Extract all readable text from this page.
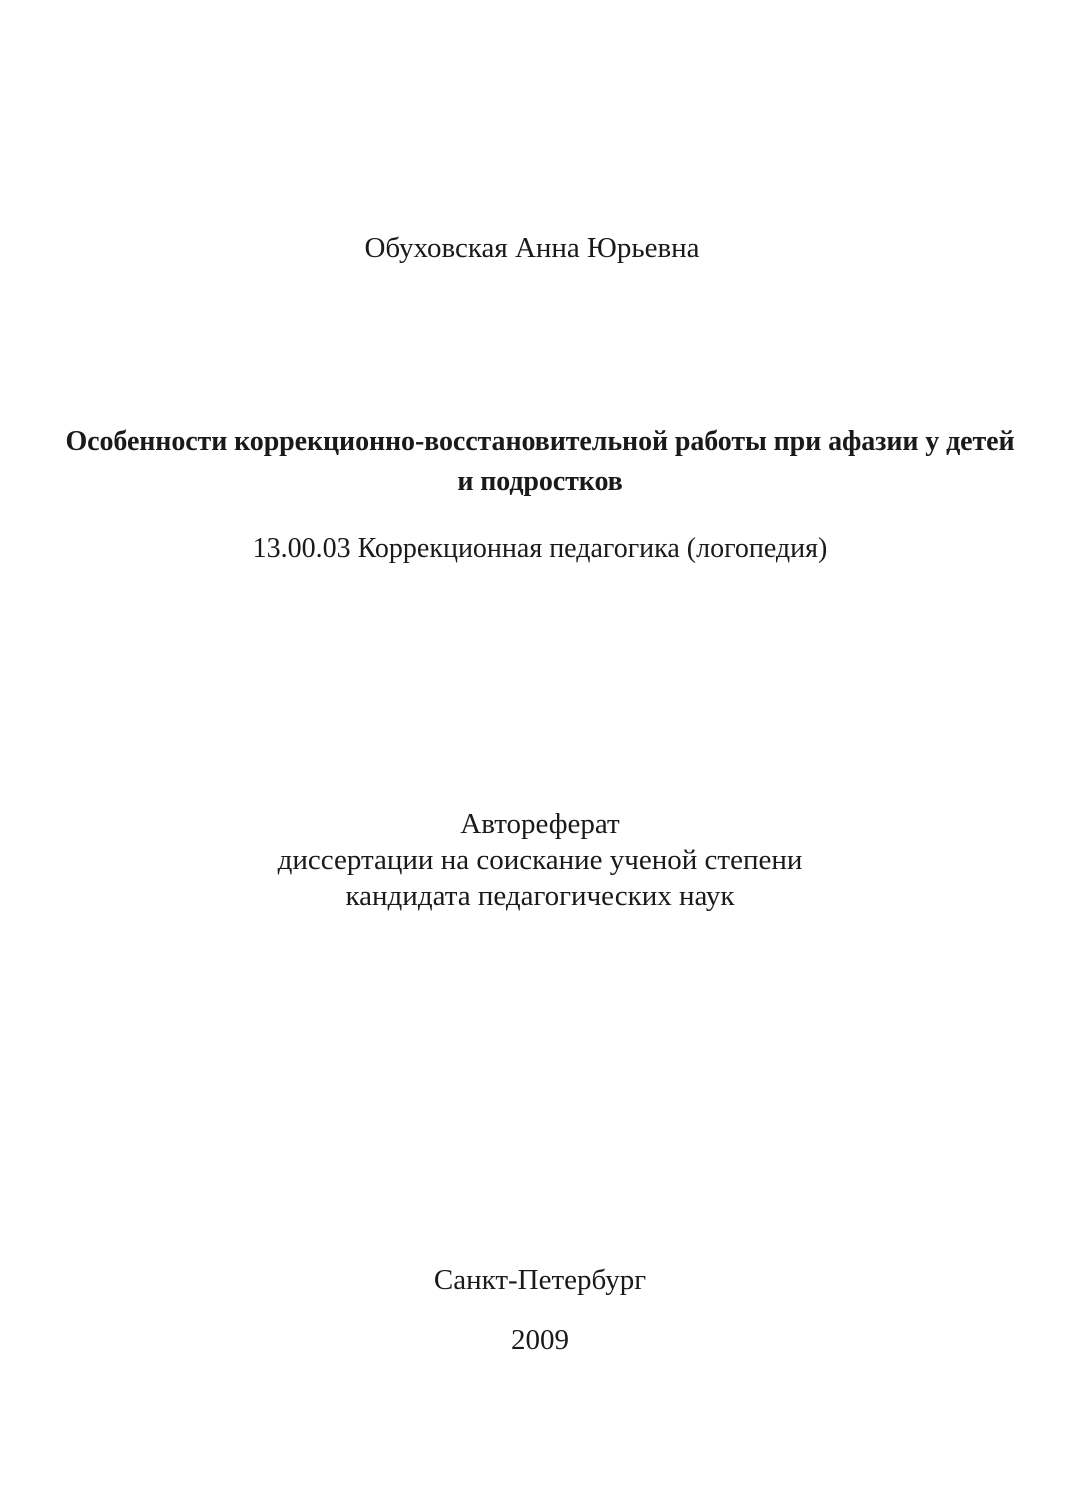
Обуховская Анна Юрьевна
Особенности коррекционно-восстановительной работы при афазии у детей
и подростков
13.00.03 Коррекционная педагогика (логопедия)
Автореферат
диссертации на соискание ученой степени
кандидата педагогических наук
Санкт-Петербург
2009
